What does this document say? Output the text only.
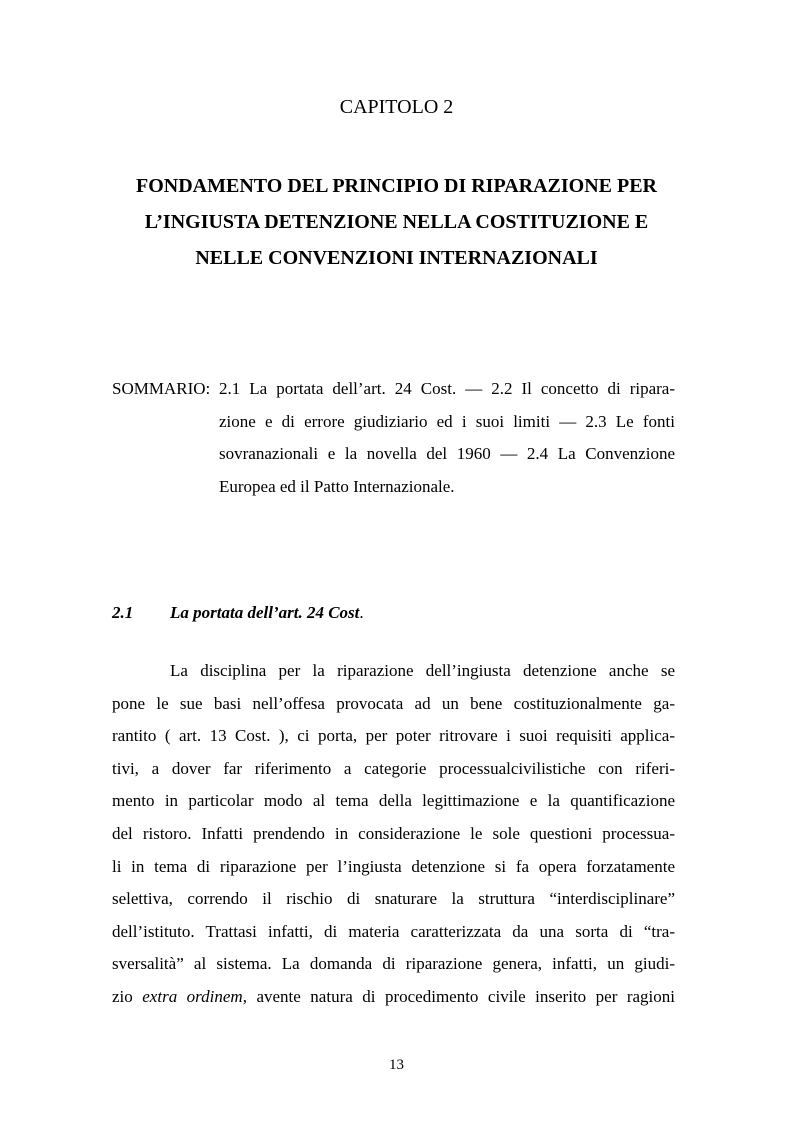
CAPITOLO 2
FONDAMENTO DEL PRINCIPIO DI RIPARAZIONE PER
L’INGIUSTA DETENZIONE NELLA COSTITUZIONE E
NELLE CONVENZIONI INTERNAZIONALI
SOMMARIO: 2.1 La portata dell’art. 24 Cost. — 2.2 Il concetto di ripara-
zione e di errore giudiziario ed i suoi limiti — 2.3 Le fonti
sovranazionali e la novella del 1960 — 2.4 La Convenzione
Europea ed il Patto Internazionale.
2.1 La portata dell’art. 24 Cost.
La disciplina per la riparazione dell’ingiusta detenzione anche se
pone le sue basi nell’offesa provocata ad un bene costituzionalmente ga-
rantito ( art. 13 Cost. ), ci porta, per poter ritrovare i suoi requisiti applica-
tivi, a dover far riferimento a categorie processualcivilistiche con riferi-
mento in particolar modo al tema della legittimazione e la quantificazione
del ristoro. Infatti prendendo in considerazione le sole questioni processua-
li in tema di riparazione per l’ingiusta detenzione si fa opera forzatamente
selettiva, correndo il rischio di snaturare la struttura “interdisciplinare”
dell’istituto. Trattasi infatti, di materia caratterizzata da una sorta di “tra-
sversalità” al sistema. La domanda di riparazione genera, infatti, un giudi-
zio extra ordinem, avente natura di procedimento civile inserito per ragioni
13
